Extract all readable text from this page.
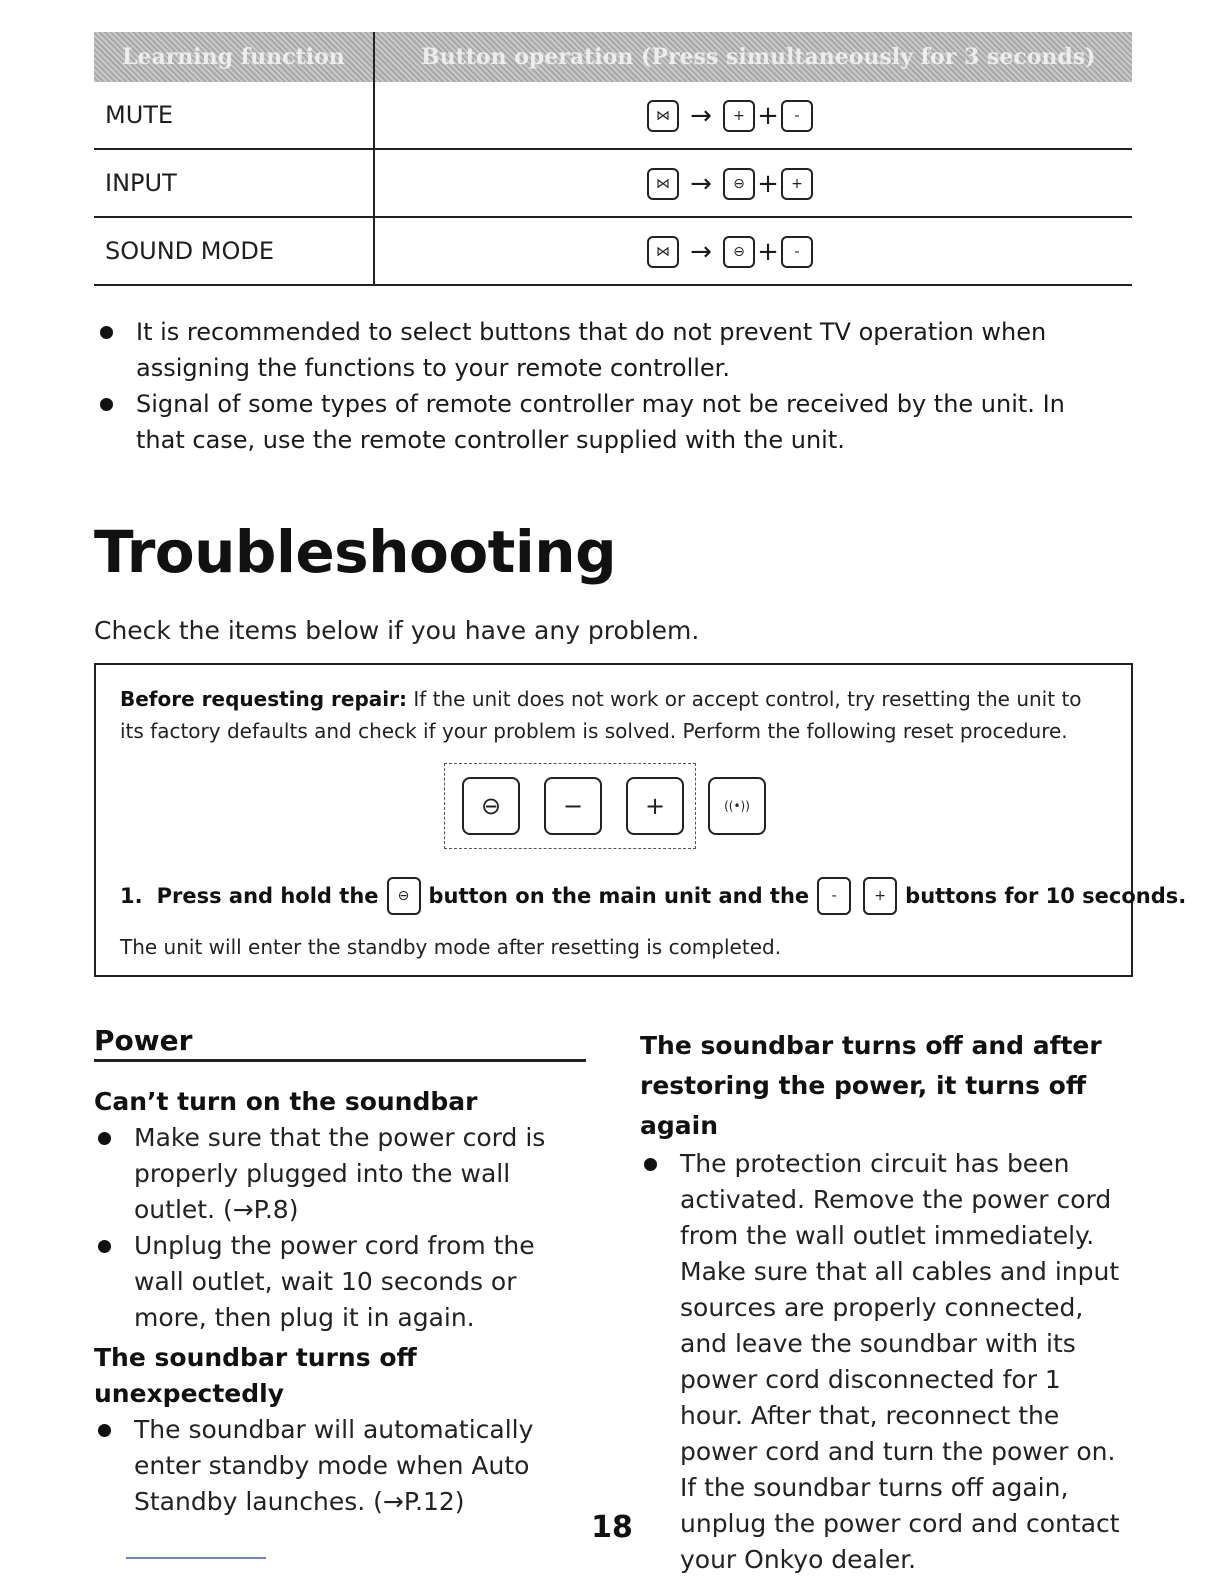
Learning function	Button operation (Press simultaneously for 3 seconds)
MUTE	⋈ →	+ +	-
INPUT	⋈ →	⊖ + +
SOUND MODE	⋈ →	⊖ +	-
It is recommended to select buttons that do not prevent TV operation when assigning the functions to your remote controller.
Signal of some types of remote controller may not be received by the unit. In that case, use the remote controller supplied with the unit.
Troubleshooting
Check the items below if you have any problem.
Before requesting repair: If the unit does not work or accept control, try resetting the unit to its factory defaults and check if your problem is solved. Perform the following reset procedure.
⊖	−	+	((•))
1. Press and hold the	⊖ button on the main unit and the	-	+ buttons for 10 seconds.
The unit will enter the standby mode after resetting is completed.
Power
Can’t turn on the soundbar
Make sure that the power cord is properly plugged into the wall outlet. (→P.8)
Unplug the power cord from the wall outlet, wait 10 seconds or more, then plug it in again.
The soundbar turns off unexpectedly
The soundbar will automatically enter standby mode when Auto Standby launches. (→P.12)
The soundbar turns off and after restoring the power, it turns off again
The protection circuit has been activated. Remove the power cord from the wall outlet immediately. Make sure that all cables and input sources are properly connected, and leave the soundbar with its power cord disconnected for 1 hour. After that, reconnect the power cord and turn the power on. If the soundbar turns off again, unplug the power cord and contact your Onkyo dealer.
18
